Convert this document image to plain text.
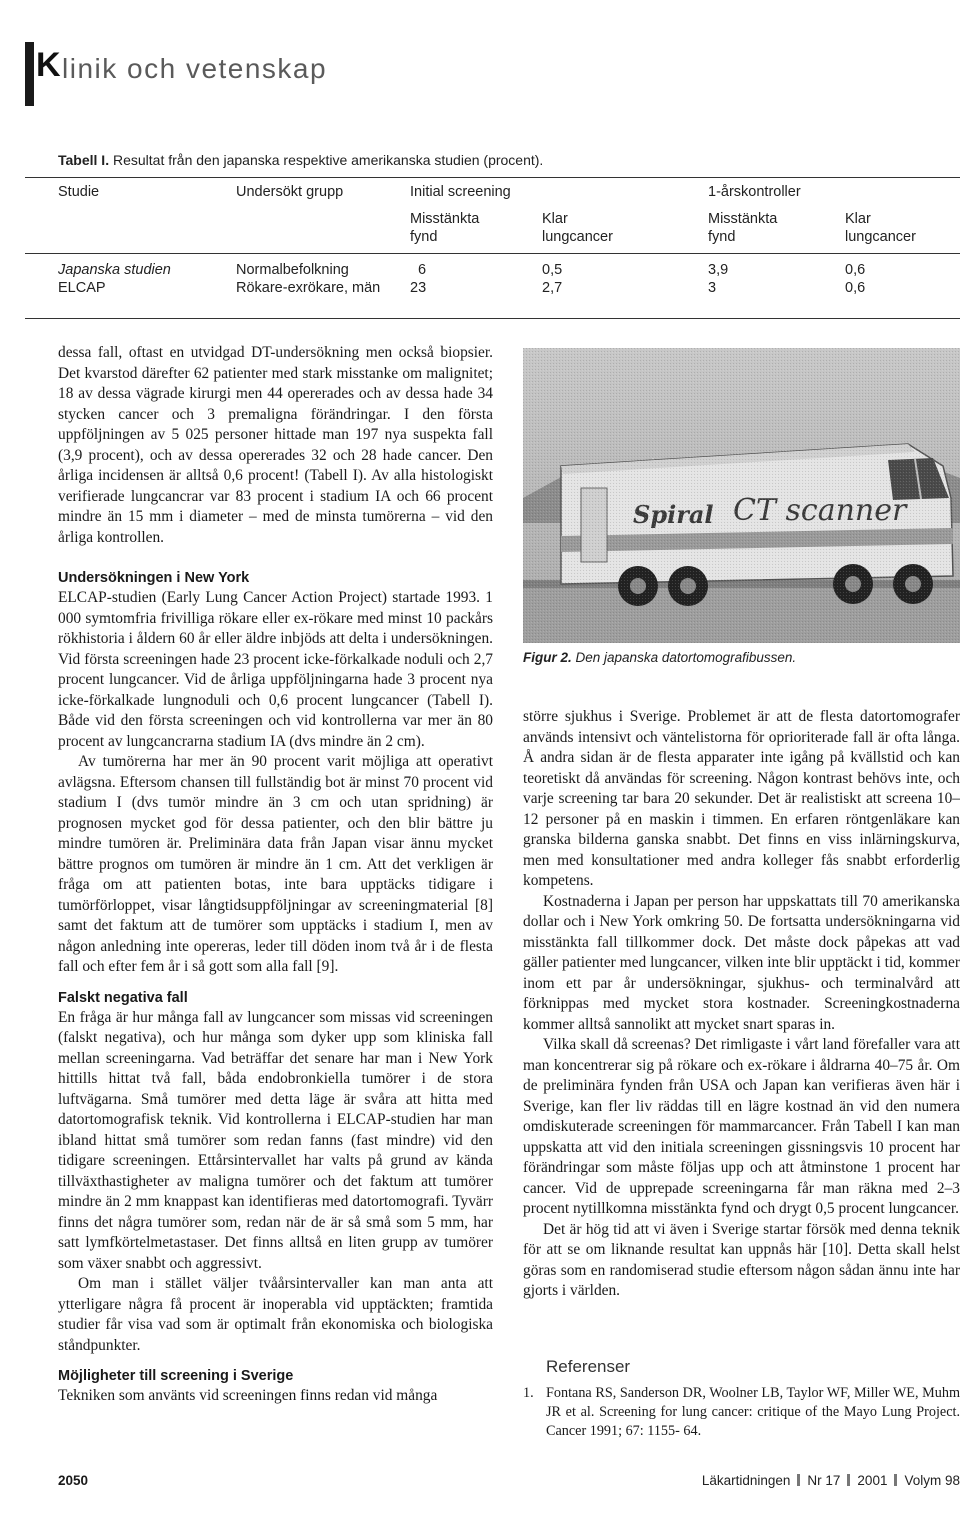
K linik och vetenskap
Tabell I. Resultat från den japanska respektive amerikanska studien (procent).
Studie	Undersökt grupp	Initial screening	1-årskontroller
Misstänkta	Klar	Misstänkta	Klar
fynd	lungcancer	fynd	lungcancer
Japanska studien	Normalbefolkning	6	0,5	3,9	0,6
ELCAP	Rökare-exrökare, män 23	2,7	3	0,6

dessa fall, oftast en utvidgad DT-undersökning men också biopsier. Det kvarstod därefter 62 patienter med stark misstanke om malignitet; 18 av dessa vägrade kirurgi men 44 opererades och av dessa hade 34 stycken cancer och 3 premaligna förändringar. I den första uppföljningen av 5 025 personer hittade man 197 nya suspekta fall (3,9 procent), och av dessa opererades 32 och 28 hade cancer. Den årliga incidensen är alltså 0,6 procent! (Tabell I). Av alla histologiskt verifierade lungcancrar var 83 procent i stadium IA och 66 procent mindre än 15 mm i diameter – med de minsta tumörerna – vid den årliga kontrollen.

Undersökningen i New York

ELCAP-studien (Early Lung Cancer Action Project) startade 1993. 1 000 symtomfria frivilliga rökare eller ex-rökare med minst 10 packårs rökhistoria i åldern 60 år eller äldre inbjöds att delta i undersökningen. Vid första screeningen hade 23 procent icke-förkalkade noduli och 2,7 procent lungcancer. Vid de årliga uppföljningarna hade 3 procent nya icke-förkalkade lungnoduli och 0,6 procent lungcancer (Tabell I). Både vid den första screeningen och vid kontrollerna var mer än 80 procent av lungcancrarna stadium IA (dvs mindre än 2 cm).

Av tumörerna har mer än 90 procent varit möjliga att operativt avlägsna. Eftersom chansen till fullständig bot är minst 70 procent vid stadium I (dvs tumör mindre än 3 cm och utan spridning) är prognosen mycket god för dessa patienter, och den blir bättre ju mindre tumören är. Preliminära data från Japan visar ännu mycket bättre prognos om tumören är mindre än 1 cm. Att det verkligen är fråga om att patienten botas, inte bara upptäcks tidigare i tumörförloppet, visar långtidsuppföljningar av screeningmaterial [8] samt det faktum att de tumörer som upptäcks i stadium I, men av någon anledning inte opereras, leder till döden inom två år i de flesta fall och efter fem år i så gott som alla fall [9].

Falskt negativa fall

En fråga är hur många fall av lungcancer som missas vid screeningen (falskt negativa), och hur många som dyker upp som kliniska fall mellan screeningarna. Vad beträffar det senare har man i New York hittills hittat två fall, båda endobronkiella tumörer i de stora luftvägarna. Små tumörer med detta läge är svåra att hitta med datortomografisk teknik. Vid kontrollerna i ELCAP-studien har man ibland hittat små tumörer som redan fanns (fast mindre) vid den tidigare screeningen. Ettårsintervallet har valts på grund av kända tillväxthastigheter av maligna tumörer och det faktum att tumörer mindre än 2 mm knappast kan identifieras med datortomografi. Tyvärr finns det några tumörer som, redan när de är så små som 5 mm, har satt lymfkörtelmetastaser. Det finns alltså en liten grupp av tumörer som växer snabbt och aggressivt.

Om man i stället väljer tvåårsintervaller kan man anta att ytterligare några få procent är inoperabla vid upptäckten; framtida studier får visa vad som är optimalt från ekonomiska och biologiska ståndpunkter.

Möjligheter till screening i Sverige

Tekniken som använts vid screeningen finns redan vid många

Figur 2. Den japanska datortomografibussen.

större sjukhus i Sverige. Problemet är att de flesta datortomografer används intensivt och väntelistorna för oprioriterade fall är ofta långa. Å andra sidan är de flesta apparater inte igång på kvällstid och kan teoretiskt då användas för screening. Någon kontrast behövs inte, och varje screening tar bara 20 sekunder. Det är realistiskt att screena 10–12 personer på en maskin i timmen. En erfaren röntgenläkare kan granska bilderna ganska snabbt. Det finns en viss inlärningskurva, men med konsultationer med andra kolleger fås snabbt erforderlig kompetens.

Kostnaderna i Japan per person har uppskattats till 70 amerikanska dollar och i New York omkring 50. De fortsatta undersökningarna vid misstänkta fall tillkommer dock. Det måste dock påpekas att vad gäller patienter med lungcancer, vilken inte blir upptäckt i tid, kommer inom ett par år undersökningar, sjukhus- och terminalvård att förknippas med mycket stora kostnader. Screeningkostnaderna kommer alltså sannolikt att mycket snart sparas in.

Vilka skall då screenas? Det rimligaste i vårt land förefaller vara att man koncentrerar sig på rökare och ex-rökare i åldrarna 40–75 år. Om de preliminära fynden från USA och Japan kan verifieras även här i Sverige, kan fler liv räddas till en lägre kostnad än vid den numera omdiskuterade screeningen för mammarcancer. Från Tabell I kan man uppskatta att vid den initiala screeningen gissningsvis 10 procent har förändringar som måste följas upp och att åtminstone 1 procent har cancer. Vid de upprepade screeningarna får man räkna med 2–3 procent nytillkomna misstänkta fynd och drygt 0,5 procent lungcancer.

Det är hög tid att vi även i Sverige startar försök med denna teknik för att se om liknande resultat kan uppnås här [10]. Detta skall helst göras som en randomiserad studie eftersom någon sådan ännu inte har gjorts i världen.

Referenser
1. Fontana RS, Sanderson DR, Woolner LB, Taylor WF, Miller WE, Muhm JR et al. Screening for lung cancer: critique of the Mayo Lung Project. Cancer 1991; 67: 1155- 64.
2050	Läkartidningen Nr 17 2001 Volym 98
